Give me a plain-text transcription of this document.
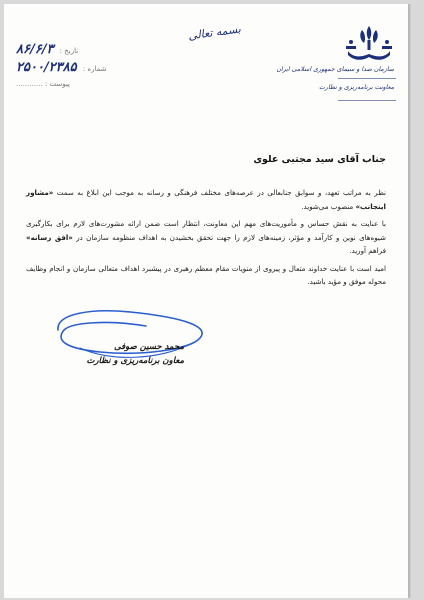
سازمان صدا و سیمای جمهوری اسلامی ایران
معاونت برنامه‌ریزی و نظارت
بسمه تعالی
تاریخ : ۸۶/۶/۳
شماره : ۲۵۰۰/۲۳۸۵
پیوست : ............
جناب آقای سید مجتبی علوی

نظر به مراتب تعهد، و سوابق جنابعالی در عرصه‌های مختلف فرهنگی و رسانه به موجب این ابلاغ به سمت «مشاور اینجانب» منصوب می‌شوید.

با عنایت به نقش حساس و مأموریت‌های مهم این معاونت، انتظار است ضمن ارائه مشورت‌های لازم برای بکارگیری شیوه‌های نوین و کارآمد و مؤثر، زمینه‌های لازم را جهت تحقق بخشیدن به اهداف منظومه سازمان در «افق رسانه» فراهم آورید.

امید است با عنایت خداوند متعال و پیروی از منویات مقام معظم رهبری در پیشبرد اهداف متعالی سازمان و انجام وظایف محوله موفق و مؤید باشید.

محمد حسین صوفی
معاون برنامه‌ریزی و نظارت
